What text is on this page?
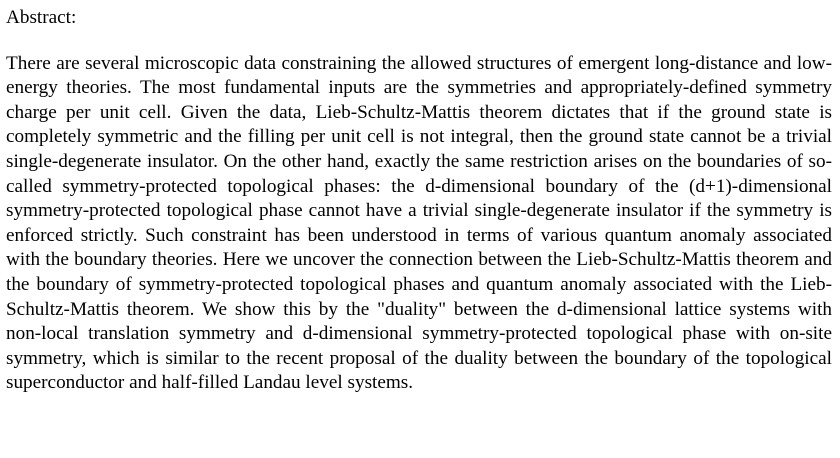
Abstract:

There are several microscopic data constraining the allowed structures of emergent long-distance and low-energy theories. The most fundamental inputs are the symmetries and appropriately-defined symmetry charge per unit cell. Given the data, Lieb-Schultz-Mattis theorem dictates that if the ground state is completely symmetric and the filling per unit cell is not integral, then the ground state cannot be a trivial single-degenerate insulator. On the other hand, exactly the same restriction arises on the boundaries of so-called symmetry-protected topological phases: the d-dimensional boundary of the (d+1)-dimensional symmetry-protected topological phase cannot have a trivial single-degenerate insulator if the symmetry is enforced strictly. Such constraint has been understood in terms of various quantum anomaly associated with the boundary theories. Here we uncover the connection between the Lieb-Schultz-Mattis theorem and the boundary of symmetry-protected topological phases and quantum anomaly associated with the Lieb-Schultz-Mattis theorem. We show this by the "duality" between the d-dimensional lattice systems with non-local translation symmetry and d-dimensional symmetry-protected topological phase with on-site symmetry, which is similar to the recent proposal of the duality between the boundary of the topological superconductor and half-filled Landau level systems.
